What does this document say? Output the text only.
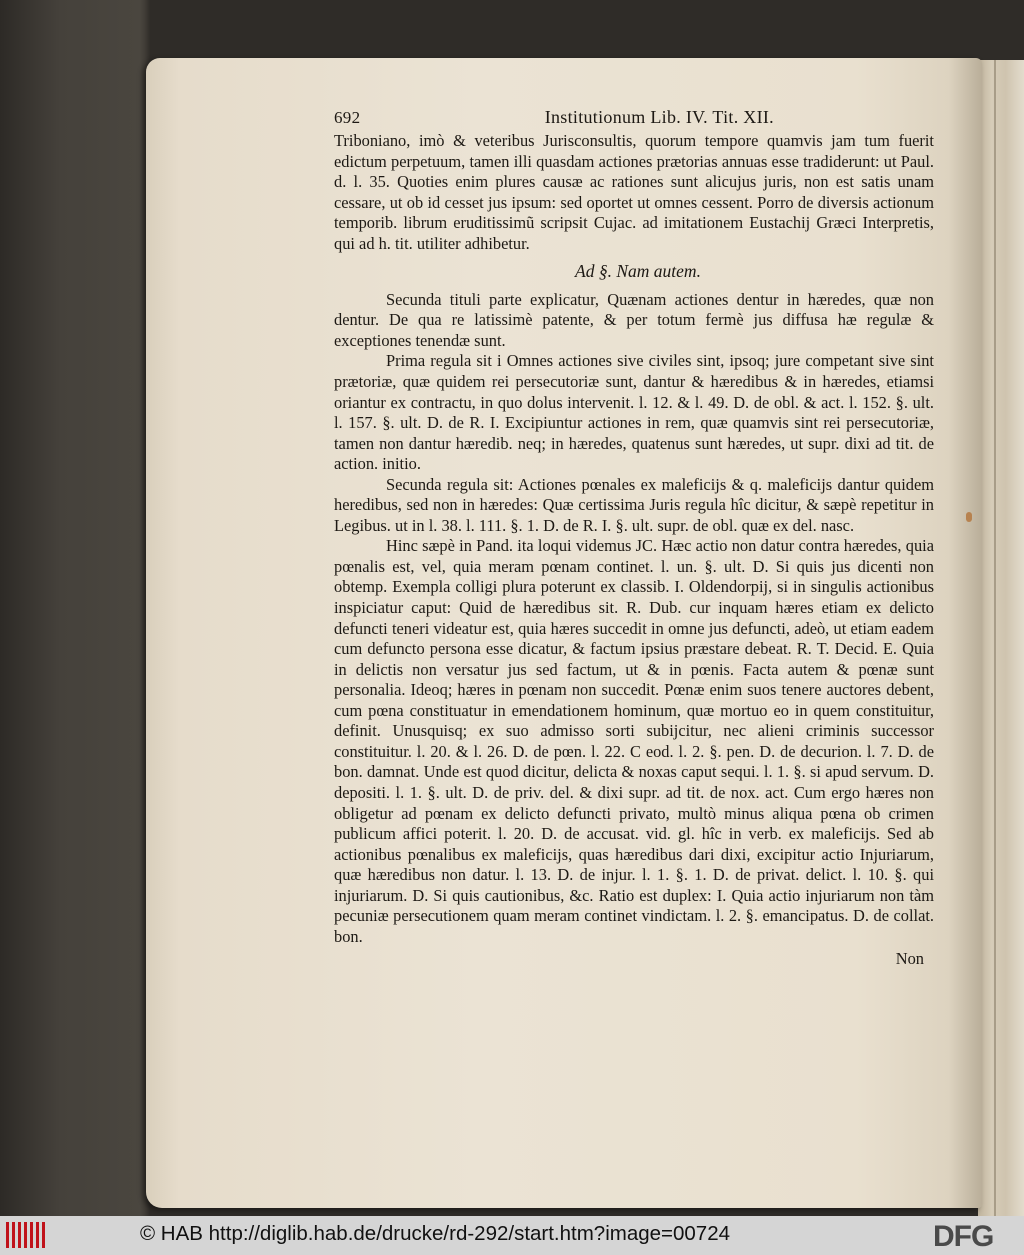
692	Institutionum Lib. IV. Tit. XII.

Triboniano, imò & veteribus Jurisconsultis, quorum tempore quamvis jam tum fuerit edictum perpetuum, tamen illi quasdam actiones prætorias annuas esse tradiderunt: ut Paul. d. l. 35. Quoties enim plures causæ ac rationes sunt alicujus juris, non est satis unam cessare, ut ob id cesset jus ipsum: sed oportet ut omnes cessent. Porro de diversis actionum temporib. librum eruditissimũ scripsit Cujac. ad imitationem Eustachij Græci Interpretis, qui ad h. tit. utiliter adhibetur.

Ad §. Nam autem.

Secunda tituli parte explicatur, Quænam actiones dentur in hæredes, quæ non dentur. De qua re latissimè patente, & per totum fermè jus diffusa hæ regulæ & exceptiones tenendæ sunt.

Prima regula sit i Omnes actiones sive civiles sint, ipsoq; jure competant sive sint prætoriæ, quæ quidem rei persecutoriæ sunt, dantur & hæredibus & in hæredes, etiamsi oriantur ex contractu, in quo dolus intervenit. l. 12. & l. 49. D. de obl. & act. l. 152. §. ult. l. 157. §. ult. D. de R. I. Excipiuntur actiones in rem, quæ quamvis sint rei persecutoriæ, tamen non dantur hæredib. neq; in hæredes, quatenus sunt hæredes, ut supr. dixi ad tit. de action. initio.

Secunda regula sit: Actiones pœnales ex maleficijs & q. maleficijs dantur quidem heredibus, sed non in hæredes: Quæ certissima Juris regula hîc dicitur, & sæpè repetitur in Legibus. ut in l. 38. l. 111. §. 1. D. de R. I. §. ult. supr. de obl. quæ ex del. nasc.

Hinc sæpè in Pand. ita loqui videmus JC. Hæc actio non datur contra hæredes, quia pœnalis est, vel, quia meram pœnam continet. l. un. §. ult. D. Si quis jus dicenti non obtemp. Exempla colligi plura poterunt ex classib. I. Oldendorpij, si in singulis actionibus inspiciatur caput: Quid de hæredibus sit. R. Dub. cur inquam hæres etiam ex delicto defuncti teneri videatur est, quia hæres succedit in omne jus defuncti, adeò, ut etiam eadem cum defuncto persona esse dicatur, & factum ipsius præstare debeat. R. T. Decid. E. Quia in delictis non versatur jus sed factum, ut & in pœnis. Facta autem & pœnæ sunt personalia. Ideoq; hæres in pœnam non succedit. Pœnæ enim suos tenere auctores debent, cum pœna constituatur in emendationem hominum, quæ mortuo eo in quem constituitur, definit. Unusquisq; ex suo admisso sorti subijcitur, nec alieni criminis successor constituitur. l. 20. & l. 26. D. de pœn. l. 22. C eod. l. 2. §. pen. D. de decurion. l. 7. D. de bon. damnat. Unde est quod dicitur, delicta & noxas caput sequi. l. 1. §. si apud servum. D. depositi. l. 1. §. ult. D. de priv. del. & dixi supr. ad tit. de nox. act. Cum ergo hæres non obligetur ad pœnam ex delicto defuncti privato, multò minus aliqua pœna ob crimen publicum affici poterit. l. 20. D. de accusat. vid. gl. hîc in verb. ex maleficijs. Sed ab actionibus pœnalibus ex maleficijs, quas hæredibus dari dixi, excipitur actio Injuriarum, quæ hæredibus non datur. l. 13. D. de injur. l. 1. §. 1. D. de privat. delict. l. 10. §. qui injuriarum. D. Si quis cautionibus, &c. Ratio est duplex: I. Quia actio injuriarum non tàm pecuniæ persecutionem quam meram continet vindictam. l. 2. §. emancipatus. D. de collat. bon.

Non
© HAB http://diglib.hab.de/drucke/rd-292/start.htm?image=00724	DFG
